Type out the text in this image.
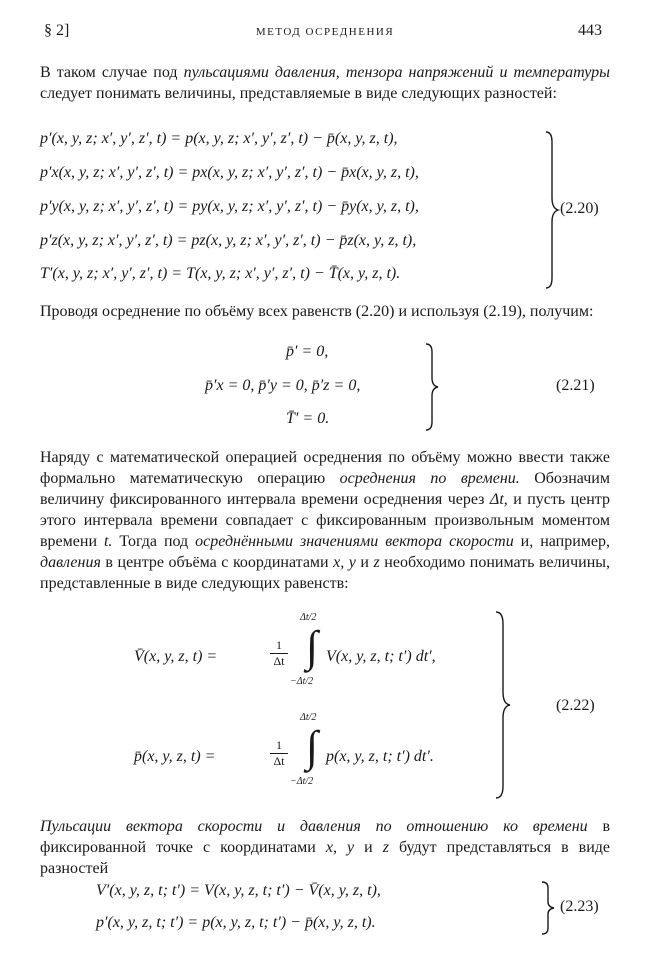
§ 2]	МЕТОД ОСРЕДНЕНИЯ	443
В таком случае под пульсациями давления, тензора напряжений и температуры следует понимать величины, представляемые в виде следующих разностей:
p′(x, y, z; x′, y′, z′, t) = p(x, y, z; x′, y′, z′, t) − p̄(x, y, z, t),
p′x(x, y, z; x′, y′, z′, t) = px(x, y, z; x′, y′, z′, t) − p̄x(x, y, z, t),
p′y(x, y, z; x′, y′, z′, t) = py(x, y, z; x′, y′, z′, t) − p̄y(x, y, z, t),
p′z(x, y, z; x′, y′, z′, t) = pz(x, y, z; x′, y′, z′, t) − p̄z(x, y, z, t),
T′(x, y, z; x′, y′, z′, t) = T(x, y, z; x′, y′, z′, t) − T̄(x, y, z, t).
(2.20)
Проводя осреднение по объёму всех равенств (2.20) и используя (2.19), получим:
p̄′ = 0,
p̄′x = 0, p̄′y = 0, p̄′z = 0,
T̄′ = 0.
(2.21)
Наряду с математической операцией осреднения по объёму можно ввести также формально математическую операцию осреднения по времени. Обозначим величину фиксированного интервала времени осреднения через Δt, и пусть центр этого интервала времени совпадает с фиксированным произвольным моментом времени t. Тогда под осреднёнными значениями вектора скорости и, например, давления в центре объёма с координатами x, y и z необходимо понимать величины, представленные в виде следующих равенств:
V̄(x, y, z, t) =	$\frac{1}{\Delta t}$
Δt/2
∫
−Δt/2
V(x, y, z, t; t′) dt′,
p̄(x, y, z, t) =	$\frac{1}{\Delta t}$
Δt/2
∫
−Δt/2
p(x, y, z, t; t′) dt′.
(2.22)
Пульсации вектора скорости и давления по отношению ко времени в фиксированной точке с координатами x, y и z будут представляться в виде разностей
V′(x, y, z, t; t′) = V(x, y, z, t; t′) − V̄(x, y, z, t),
p′(x, y, z, t; t′) = p(x, y, z, t; t′) − p̄(x, y, z, t).
(2.23)
